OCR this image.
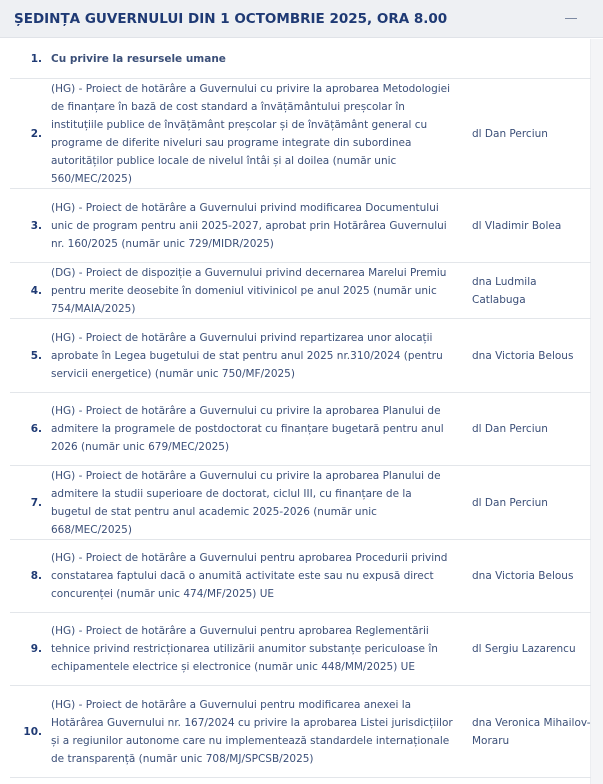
ȘEDINȚA GUVERNULUI DIN 1 OCTOMBRIE 2025, ORA 8.00
1. Cu privire la resursele umane
2.
(HG) - Proiect de hotărâre a Guvernului cu privire la aprobarea Metodologiei de finanțare în bază de cost standard a învățământului preșcolar în instituțiile publice de învățământ preșcolar și de învățământ general cu programe de diferite niveluri sau programe integrate din subordinea autorităților publice locale de nivelul întâi și al doilea (număr unic 560/MEC/2025)
dl Dan Perciun
3.
(HG) - Proiect de hotărâre a Guvernului privind modificarea Documentului unic de program pentru anii 2025-2027, aprobat prin Hotărârea Guvernului nr. 160/2025 (număr unic 729/MIDR/2025)
dl Vladimir Bolea
4.
(DG) - Proiect de dispoziție a Guvernului privind decernarea Marelui Premiu pentru merite deosebite în domeniul vitivinicol pe anul 2025 (număr unic 754/MAIA/2025)
dna Ludmila Catlabuga
5.
(HG) - Proiect de hotărâre a Guvernului privind repartizarea unor alocații aprobate în Legea bugetului de stat pentru anul 2025 nr.310/2024 (pentru servicii energetice) (număr unic 750/MF/2025)
dna Victoria Belous
6.
(HG) - Proiect de hotărâre a Guvernului cu privire la aprobarea Planului de admitere la programele de postdoctorat cu finanțare bugetară pentru anul 2026 (număr unic 679/MEC/2025)
dl Dan Perciun
7.
(HG) - Proiect de hotărâre a Guvernului cu privire la aprobarea Planului de admitere la studii superioare de doctorat, ciclul III, cu finanțare de la bugetul de stat pentru anul academic 2025-2026 (număr unic 668/MEC/2025)
dl Dan Perciun
8.
(HG) - Proiect de hotărâre a Guvernului pentru aprobarea Procedurii privind constatarea faptului dacă o anumită activitate este sau nu expusă direct concurenței (număr unic 474/MF/2025) UE
dna Victoria Belous
9.
(HG) - Proiect de hotărâre a Guvernului pentru aprobarea Reglementării tehnice privind restricționarea utilizării anumitor substanțe periculoase în echipamentele electrice și electronice (număr unic 448/MM/2025) UE
dl Sergiu Lazarencu
10.
(HG) - Proiect de hotărâre a Guvernului pentru modificarea anexei la Hotărârea Guvernului nr. 167/2024 cu privire la aprobarea Listei jurisdicțiilor și a regiunilor autonome care nu implementează standardele internaționale de transparență (număr unic 708/MJ/SPCSB/2025)
dna Veronica Mihailov-Moraru
